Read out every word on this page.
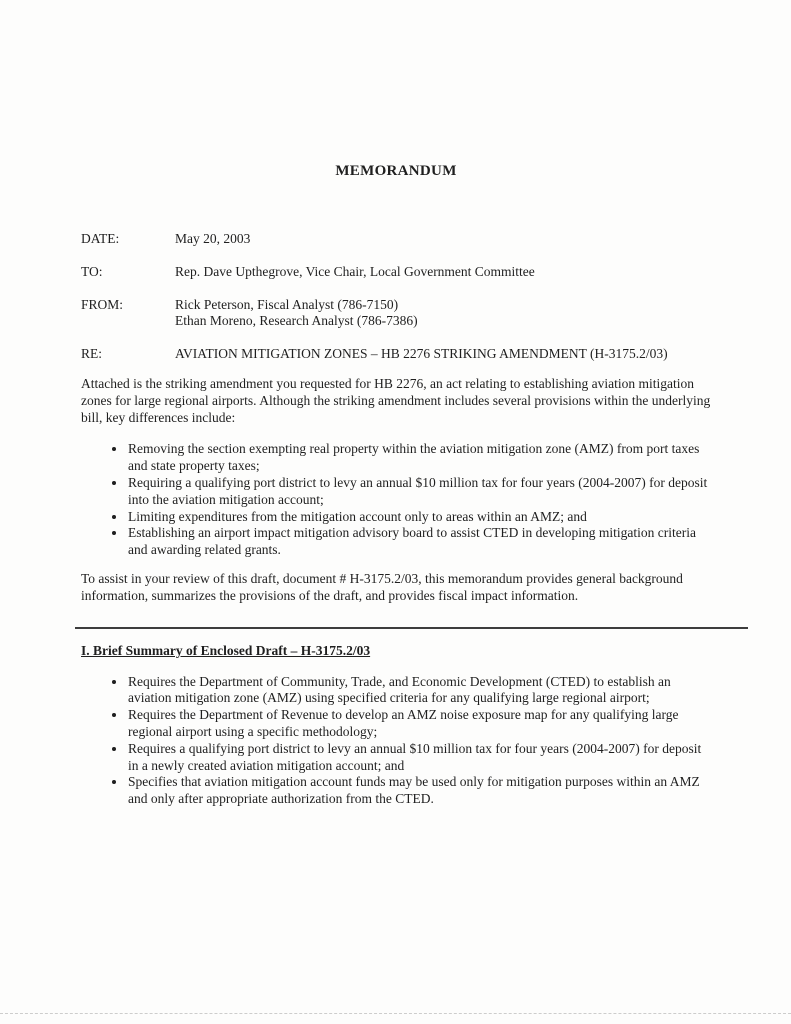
MEMORANDUM
DATE:	May 20, 2003
TO:	Rep. Dave Upthegrove, Vice Chair, Local Government Committee
FROM:	Rick Peterson, Fiscal Analyst (786-7150)
Ethan Moreno, Research Analyst (786-7386)
RE:	AVIATION MITIGATION ZONES – HB 2276 STRIKING AMENDMENT (H-3175.2/03)

Attached is the striking amendment you requested for HB 2276, an act relating to establishing aviation mitigation zones for large regional airports. Although the striking amendment includes several provisions within the underlying bill, key differences include:

• Removing the section exempting real property within the aviation mitigation zone (AMZ) from port taxes and state property taxes;
• Requiring a qualifying port district to levy an annual $10 million tax for four years (2004-2007) for deposit into the aviation mitigation account;
• Limiting expenditures from the mitigation account only to areas within an AMZ; and
• Establishing an airport impact mitigation advisory board to assist CTED in developing mitigation criteria and awarding related grants.

To assist in your review of this draft, document # H-3175.2/03, this memorandum provides general background information, summarizes the provisions of the draft, and provides fiscal impact information.

I. Brief Summary of Enclosed Draft – H-3175.2/03
• Requires the Department of Community, Trade, and Economic Development (CTED) to establish an aviation mitigation zone (AMZ) using specified criteria for any qualifying large regional airport;
• Requires the Department of Revenue to develop an AMZ noise exposure map for any qualifying large regional airport using a specific methodology;
• Requires a qualifying port district to levy an annual $10 million tax for four years (2004-2007) for deposit in a newly created aviation mitigation account; and
• Specifies that aviation mitigation account funds may be used only for mitigation purposes within an AMZ and only after appropriate authorization from the CTED.
